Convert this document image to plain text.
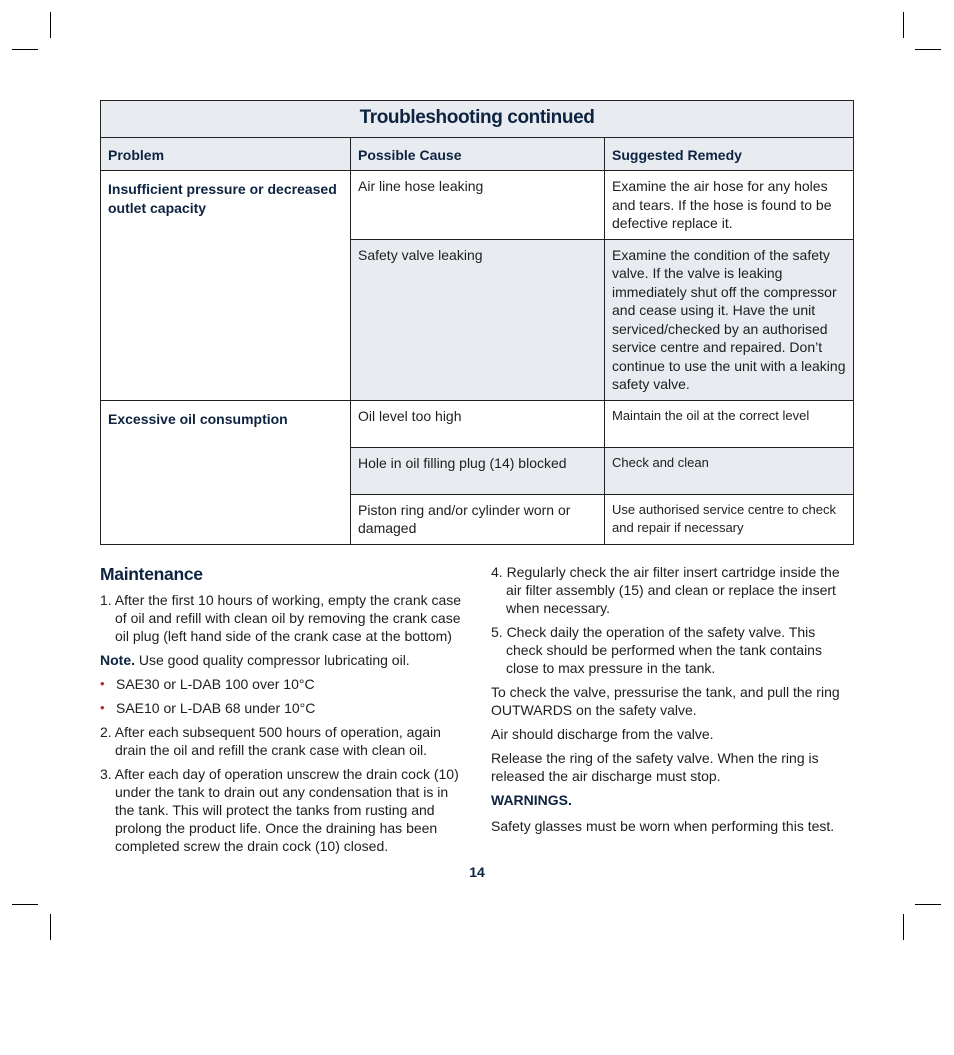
Troubleshooting continued		
Problem	Possible Cause	Suggested Remedy
Insufficient pressure or decreased outlet capacity	Air line hose leaking	Examine the air hose for any holes and tears. If the hose is found to be defective replace it.
	Safety valve leaking	Examine the condition of the safety valve. If the valve is leaking immediately shut off the compressor and cease using it. Have the unit serviced/checked by an authorised service centre and repaired. Don’t continue to use the unit with a leaking safety valve.
Excessive oil consumption	Oil level too high	Maintain the oil at the correct level
	Hole in oil filling plug (14) blocked	Check and clean
	Piston ring and/or cylinder worn or damaged	Use authorised service centre to check and repair if necessary

Maintenance

1. After the first 10 hours of working, empty the crank case of oil and refill with clean oil by removing the crank case oil plug (left hand side of the crank case at the bottom)

Note. Use good quality compressor lubricating oil.

• SAE30 or L-DAB 100 over 10°C

• SAE10 or L-DAB 68 under 10°C

2. After each subsequent 500 hours of operation, again drain the oil and refill the crank case with clean oil.

3. After each day of operation unscrew the drain cock (10) under the tank to drain out any condensation that is in the tank. This will protect the tanks from rusting and prolong the product life. Once the draining has been completed screw the drain cock (10) closed.

4. Regularly check the air filter insert cartridge inside the air filter assembly (15) and clean or replace the insert when necessary.

5. Check daily the operation of the safety valve. This check should be performed when the tank contains close to max pressure in the tank.

To check the valve, pressurise the tank, and pull the ring OUTWARDS on the safety valve.

Air should discharge from the valve.

Release the ring of the safety valve. When the ring is released the air discharge must stop.

WARNINGS.

Safety glasses must be worn when performing this test.

14
